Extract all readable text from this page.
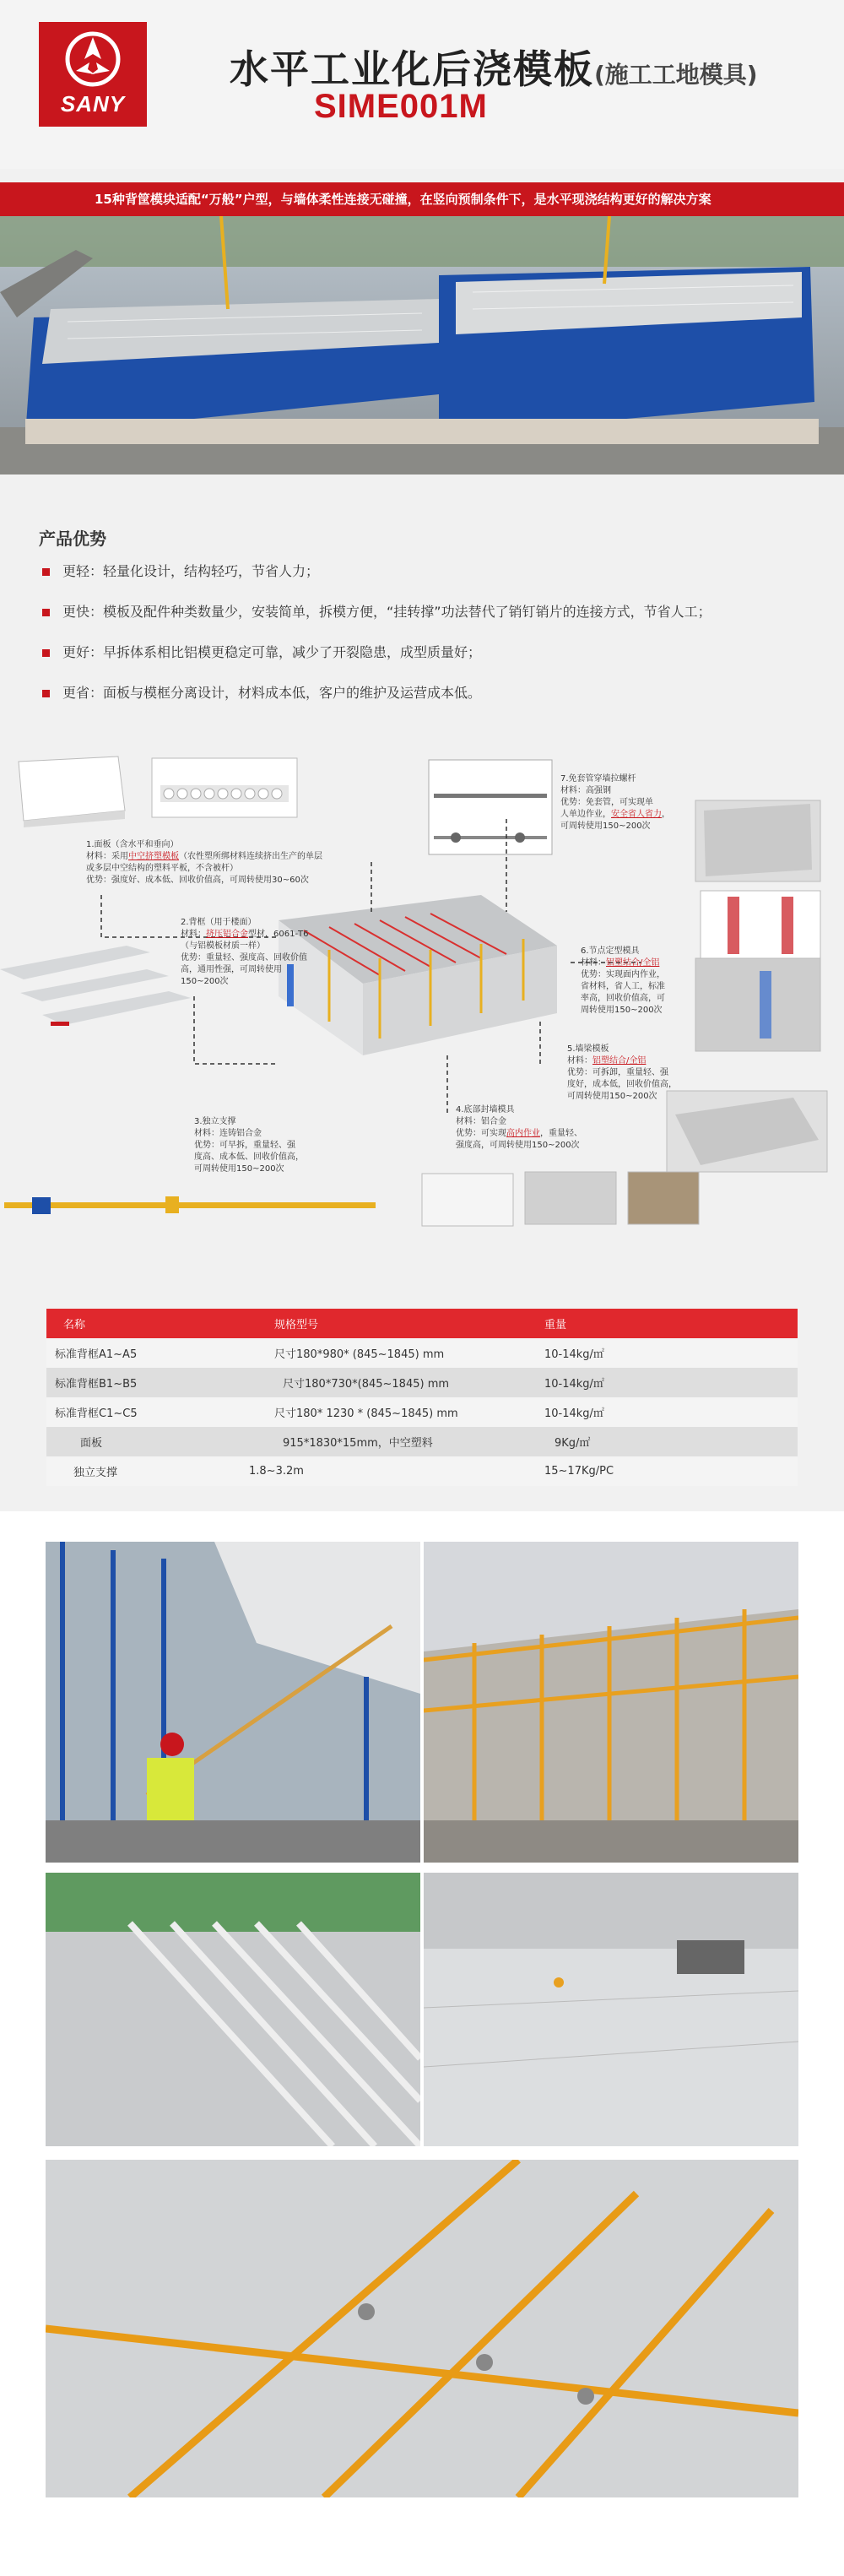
SANY
水平工业化后浇模板(施工工地模具)
SIME001M
15种背筐模块适配“万般”户型，与墙体柔性连接无碰撞，在竖向预制条件下，是水平现浇结构更好的解决方案
产品优势
更轻：轻量化设计，结构轻巧，节省人力；
更快：模板及配件种类数量少，安装简单，拆模方便，“挂转撑”功法替代了销钉销片的连接方式，节省人工；
更好：早拆体系相比铝模更稳定可靠，减少了开裂隐患，成型质量好；
更省：面板与模框分离设计，材料成本低，客户的维护及运营成本低。
1.面板（含水平和垂向）
材料：采用中空挤塑模板（农性塑所绑材料连续挤出生产的单层
或多层中空结构的塑料平板，不含被杆）
优势：强度好、成本低、回收价值高，可周转使用30~60次
2.背框（用于楼面）
材料：挤压铝合金型材，6061-T6
（与铝模板材质一样）
优势：重量轻、强度高、回收价值
高，通用性强，可周转使用
150~200次
3.独立支撑
材料：连铸铝合金
优势：可早拆，重量轻、强
度高、成本低、回收价值高，
可周转使用150~200次
4.底部封墙模具
材料：铝合金
优势：可实现高内作业，重量轻、
强度高，可周转使用150~200次
5.墙梁模板
材料：铝塑结合/全铝
优势：可拆卸，重量轻、强
度好，成本低，回收价值高，
可周转使用150~200次
6.节点定型模具
材料：铝塑结合/全铝
优势：实现面内作业，
省材料，省人工，标准
率高，回收价值高，可
周转使用150~200次
7.免套管穿墙拉螺杆
材料：高强钢
优势：免套管，可实现单
人单边作业，安全省人省力，
可周转使用150~200次
名称	规格型号	重量
标准背框A1~A5	尺寸180*980* (845~1845) mm	10-14kg/㎡
标准背框B1~B5	尺寸180*730*(845~1845) mm	10-14kg/㎡
标准背框C1~C5	尺寸180* 1230 * (845~1845) mm	10-14kg/㎡
面板	915*1830*15mm，中空塑料	9Kg/㎡
独立支撑	1.8~3.2m	15~17Kg/PC
